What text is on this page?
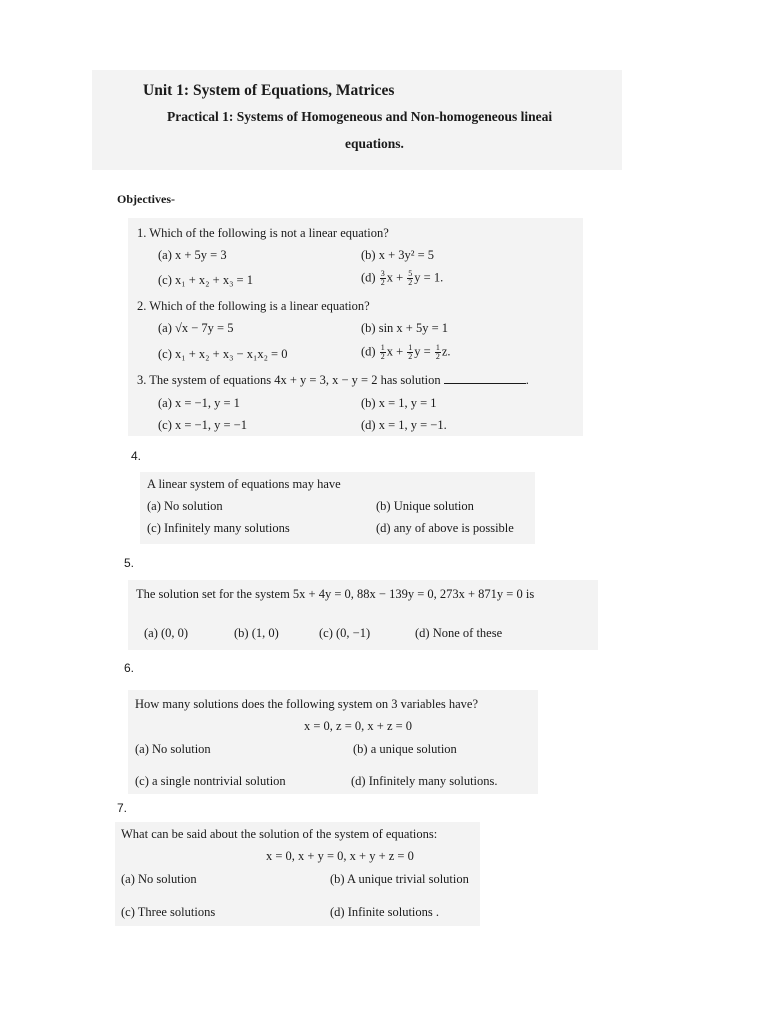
Unit 1: System of Equations, Matrices
Practical 1: Systems of Homogeneous and Non-homogeneous lineai
equations.
Objectives-
1. Which of the following is not a linear equation?
(a) x + 5y = 3	(b) x + 3y² = 5
(c) x₁ + x₂ + x₃ = 1	$(d) \frac{3}{2}$ $x + \frac{5}{2}$ y = 1.
2. Which of the following is a linear equation?
(a) √x − 7y = 5	(b) sin x + 5y = 1
(c) x₁ + x₂ + x₃ − x₁x₂ = 0	$(d) \frac{1}{2}$ $x + \frac{1}{2}$ $y = \frac{1}{2} z$.
3. The system of equations 4x + y = 3, x − y = 2 has solution	.
(a) x = −1, y = 1	(b) x = 1, y = 1
(c) x = −1, y = −1	(d) x = 1, y = −1.
4.
A linear system of equations may have
(a) No solution	(b) Unique solution
(c) Infinitely many solutions	(d) any of above is possible
5.
The solution set for the system 5x + 4y = 0, 88x − 139y = 0, 273x + 871y = 0 is
(a) (0, 0)	(b) (1, 0)	(c) (0, −1)	(d) None of these
6.
How many solutions does the following system on 3 variables have?
x = 0, z = 0, x + z = 0
(a) No solution	(b) a unique solution
(c) a single nontrivial solution	(d) Infinitely many solutions.
7.
What can be said about the solution of the system of equations:
x = 0, x + y = 0, x + y + z = 0
(a) No solution	(b) A unique trivial solution
(c) Three solutions	(d) Infinite solutions .
